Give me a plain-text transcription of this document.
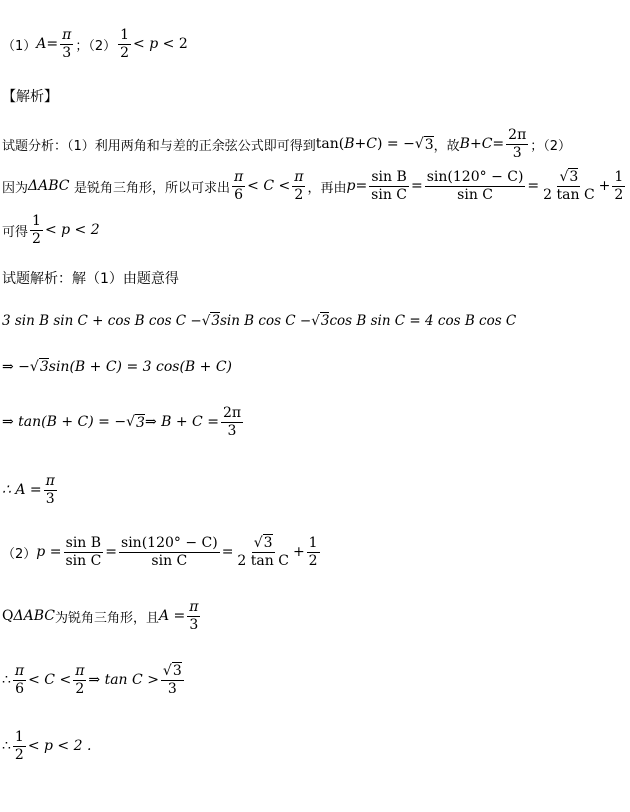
（1） $A = \frac{\pi}{3}$ ；$(2) \frac{1}{2}$ <
p
< 2
【解析】
试题分析：（1）利用两角和与差的正余弦公式即可得到 tan( B + C ) = − √ 3 ，故 $B + C = \frac{2\pi}{3}$ ；（2）
因为 ΔABC
是锐角三角形，所以可求出 $\frac{\pi}{6} < C < \frac{\pi}{2}$ ，再由 $p = \frac{\text{sin B}}{\text{sin C}} = \frac{\sin(120^\circ - C)}{\text{sin C}} = \frac{√3}{\text{2 tan C}} + \frac{1}{2}$
可得 $\frac{1}{2} < p < 2$
试题解析：解（1）由题意得
3 sin B sin C + cos B cos C − √ 3 sin B cos C − √ 3 cos B sin C = 4 cos B cos C
⇒ − √ 3 sin(B + C) = 3 cos(B + C)
⇒ tan(B + C) = − √ 3 ⇒ $B + C = \frac{2\pi}{3}$
∴ $A = \frac{\pi}{3}$
（2） $p = \frac{\text{sin B}}{\text{sin C}} = \frac{\sin(120^\circ - C)}{\text{sin C}} = \frac{√3}{\text{2 tan C}} + \frac{1}{2}$
Q ΔABC 为锐角三角形，且 $A = \frac{\pi}{3}$
∴ $\frac{\pi}{6} < C < \frac{\pi}{2}$ ⇒ $\tan C > \frac{√3}{3}$
∴ $\frac{1}{2} < p < 2$ .
